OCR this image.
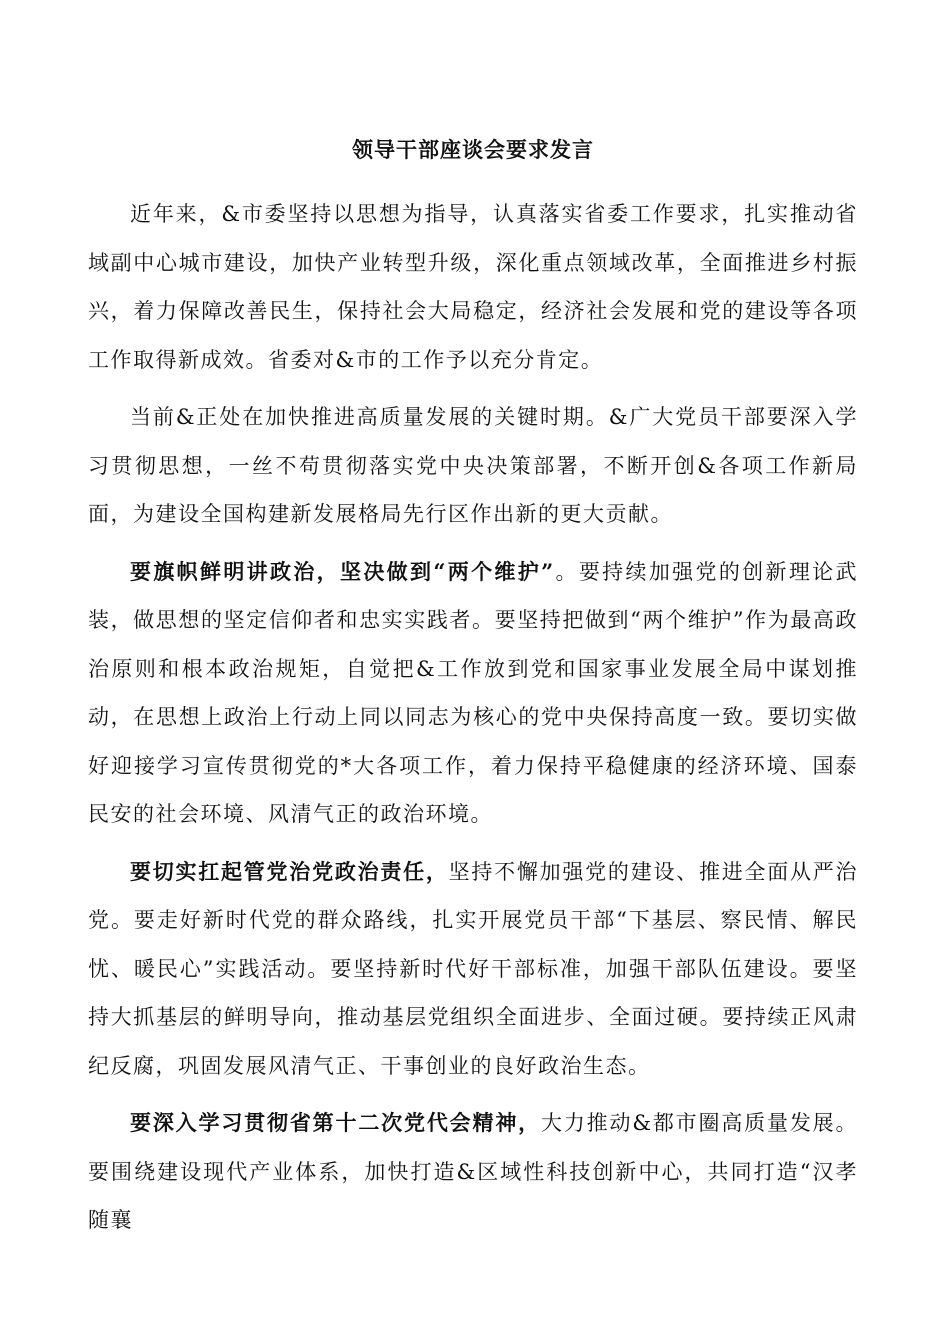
领导干部座谈会要求发言

近年来，&市委坚持以思想为指导，认真落实省委工作要求，扎实推动省域副中心城市建设，加快产业转型升级，深化重点领域改革，全面推进乡村振兴，着力保障改善民生，保持社会大局稳定，经济社会发展和党的建设等各项工作取得新成效。省委对&市的工作予以充分肯定。

当前&正处在加快推进高质量发展的关键时期。&广大党员干部要深入学习贯彻思想，一丝不苟贯彻落实党中央决策部署，不断开创&各项工作新局面，为建设全国构建新发展格局先行区作出新的更大贡献。

要旗帜鲜明讲政治，坚决做到“两个维护”。要持续加强党的创新理论武装，做思想的坚定信仰者和忠实实践者。要坚持把做到“两个维护”作为最高政治原则和根本政治规矩，自觉把&工作放到党和国家事业发展全局中谋划推动，在思想上政治上行动上同以同志为核心的党中央保持高度一致。要切实做好迎接学习宣传贯彻党的*大各项工作，着力保持平稳健康的经济环境、国泰民安的社会环境、风清气正的政治环境。

要切实扛起管党治党政治责任，坚持不懈加强党的建设、推进全面从严治党。要走好新时代党的群众路线，扎实开展党员干部“下基层、察民情、解民忧、暖民心”实践活动。要坚持新时代好干部标准，加强干部队伍建设。要坚持大抓基层的鲜明导向，推动基层党组织全面进步、全面过硬。要持续正风肃纪反腐，巩固发展风清气正、干事创业的良好政治生态。

要深入学习贯彻省第十二次党代会精神，大力推动&都市圈高质量发展。要围绕建设现代产业体系，加快打造&区域性科技创新中心，共同打造“汉孝随襄
